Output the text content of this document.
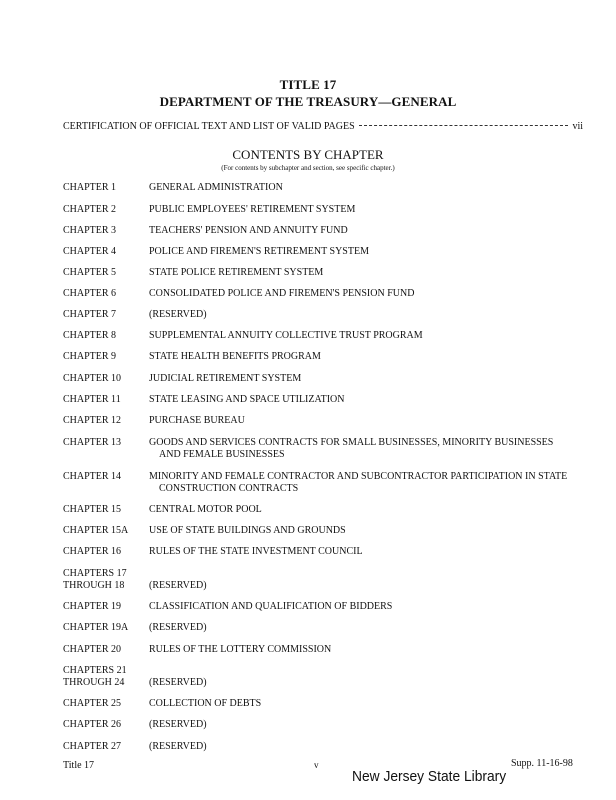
TITLE 17
DEPARTMENT OF THE TREASURY—GENERAL
CERTIFICATION OF OFFICIAL TEXT AND LIST OF VALID PAGES	vii
CONTENTS BY CHAPTER
(For contents by subchapter and section, see specific chapter.)
CHAPTER 1	GENERAL ADMINISTRATION
CHAPTER 2	PUBLIC EMPLOYEES' RETIREMENT SYSTEM
CHAPTER 3	TEACHERS' PENSION AND ANNUITY FUND
CHAPTER 4	POLICE AND FIREMEN'S RETIREMENT SYSTEM
CHAPTER 5	STATE POLICE RETIREMENT SYSTEM
CHAPTER 6	CONSOLIDATED POLICE AND FIREMEN'S PENSION FUND
CHAPTER 7	(RESERVED)
CHAPTER 8	SUPPLEMENTAL ANNUITY COLLECTIVE TRUST PROGRAM
CHAPTER 9	STATE HEALTH BENEFITS PROGRAM
CHAPTER 10	JUDICIAL RETIREMENT SYSTEM
CHAPTER 11	STATE LEASING AND SPACE UTILIZATION
CHAPTER 12	PURCHASE BUREAU
CHAPTER 13	GOODS AND SERVICES CONTRACTS FOR SMALL BUSINESSES, MINORITY BUSINESSES
AND FEMALE BUSINESSES
CHAPTER 14	MINORITY AND FEMALE CONTRACTOR AND SUBCONTRACTOR PARTICIPATION IN STATE
CONSTRUCTION CONTRACTS
CHAPTER 15	CENTRAL MOTOR POOL
CHAPTER 15A	USE OF STATE BUILDINGS AND GROUNDS
CHAPTER 16	RULES OF THE STATE INVESTMENT COUNCIL
CHAPTERS 17
THROUGH 18	(RESERVED)
CHAPTER 19	CLASSIFICATION AND QUALIFICATION OF BIDDERS
CHAPTER 19A	(RESERVED)
CHAPTER 20	RULES OF THE LOTTERY COMMISSION
CHAPTERS 21
THROUGH 24	(RESERVED)
CHAPTER 25	COLLECTION OF DEBTS
CHAPTER 26	(RESERVED)
CHAPTER 27	(RESERVED)
Title 17	v	Supp. 11-16-98
New Jersey State Library
